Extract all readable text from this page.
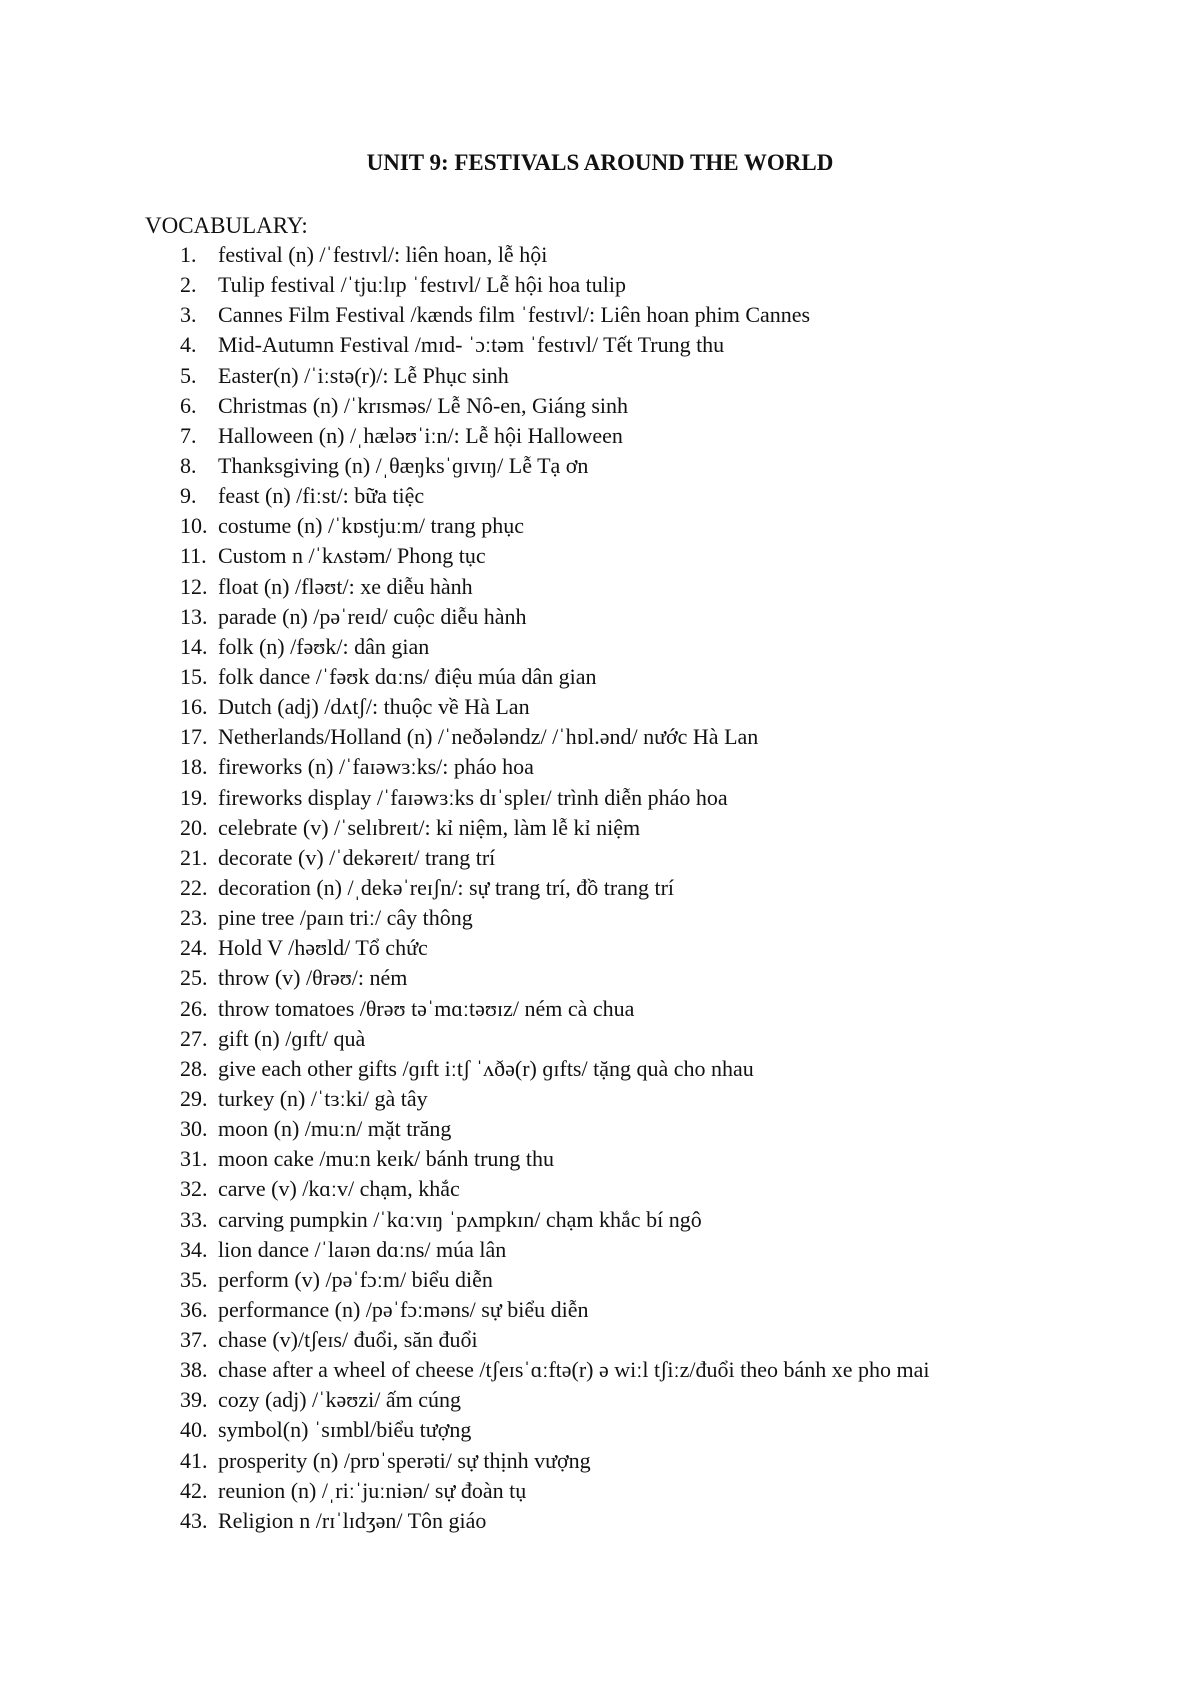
UNIT 9: FESTIVALS AROUND THE WORLD
VOCABULARY:
1. festival (n) /ˈfestɪvl/: liên hoan, lễ hội
2. Tulip festival /ˈtjuːlɪp ˈfestɪvl/ Lễ hội hoa tulip
3. Cannes Film Festival /kænds film ˈfestɪvl/: Liên hoan phim Cannes
4. Mid-Autumn Festival /mɪd- ˈɔːtəm ˈfestɪvl/ Tết Trung thu
5. Easter(n) /ˈiːstə(r)/: Lễ Phục sinh
6. Christmas (n) /ˈkrɪsməs/ Lễ Nô-en, Giáng sinh
7. Halloween (n) /ˌhæləʊˈiːn/: Lễ hội Halloween
8. Thanksgiving (n) /ˌθæŋksˈɡɪvɪŋ/ Lễ Tạ ơn
9. feast (n) /fiːst/: bữa tiệc
10. costume (n) /ˈkɒstjuːm/ trang phục
11. Custom n /ˈkʌstəm/ Phong tục
12. float (n) /fləʊt/: xe diễu hành
13. parade (n) /pəˈreɪd/ cuộc diễu hành
14. folk (n) /fəʊk/: dân gian
15. folk dance /ˈfəʊk dɑːns/ điệu múa dân gian
16. Dutch (adj) /dʌtʃ/: thuộc về Hà Lan
17. Netherlands/Holland (n) /ˈneðələndz/ /ˈhɒl.ənd/ nước Hà Lan
18. fireworks (n) /ˈfaɪəwɜːks/: pháo hoa
19. fireworks display /ˈfaɪəwɜːks dɪˈspleɪ/ trình diễn pháo hoa
20. celebrate (v) /ˈselɪbreɪt/: kỉ niệm, làm lễ kỉ niệm
21. decorate (v) /ˈdekəreɪt/ trang trí
22. decoration (n) /ˌdekəˈreɪʃn/: sự trang trí, đồ trang trí
23. pine tree /paɪn triː/ cây thông
24. Hold V /həʊld/ Tổ chức
25. throw (v) /θrəʊ/: ném
26. throw tomatoes /θrəʊ təˈmɑːtəʊɪz/ ném cà chua
27. gift (n) /ɡɪft/ quà
28. give each other gifts /ɡɪft iːtʃ ˈʌðə(r) ɡɪfts/ tặng quà cho nhau
29. turkey (n) /ˈtɜːki/ gà tây
30. moon (n) /muːn/ mặt trăng
31. moon cake /muːn keɪk/ bánh trung thu
32. carve (v) /kɑːv/ chạm, khắc
33. carving pumpkin /ˈkɑːvɪŋ ˈpʌmpkɪn/ chạm khắc bí ngô
34. lion dance /ˈlaɪən dɑːns/ múa lân
35. perform (v) /pəˈfɔːm/ biểu diễn
36. performance (n) /pəˈfɔːməns/ sự biểu diễn
37. chase (v)/tʃeɪs/ đuổi, săn đuổi
38. chase after a wheel of cheese /tʃeɪsˈɑːftə(r) ə wiːl tʃiːz/đuổi theo bánh xe pho mai
39. cozy (adj) /ˈkəʊzi/ ấm cúng
40. symbol(n) ˈsɪmbl/biểu tượng
41. prosperity (n) /prɒˈsperəti/ sự thịnh vượng
42. reunion (n) /ˌriːˈjuːniən/ sự đoàn tụ
43. Religion n /rɪˈlɪdʒən/ Tôn giáo
